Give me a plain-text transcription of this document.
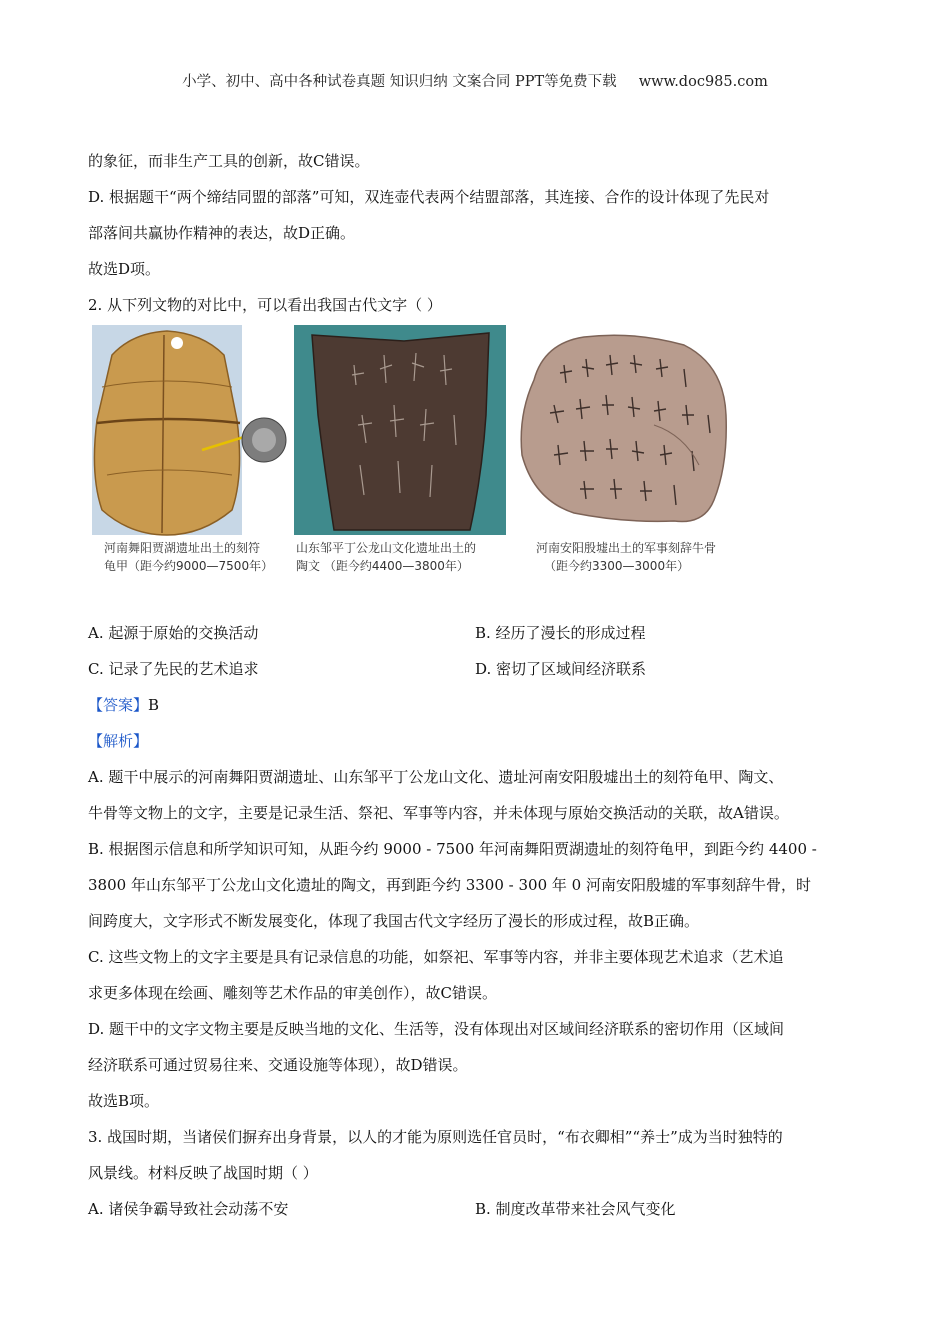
小学、初中、高中各种试卷真题 知识归纳 文案合同 PPT等免费下载 www.doc985.com
的象征，而非生产工具的创新，故C错误。
D. 根据题干“两个缔结同盟的部落”可知，双连壶代表两个结盟部落，其连接、合作的设计体现了先民对
部落间共赢协作精神的表达，故D正确。
故选D项。
2. 从下列文物的对比中，可以看出我国古代文字（ ）
河南舞阳贾湖遗址出土的刻符
龟甲（距今约9000—7500年）
山东邹平丁公龙山文化遗址出土的
陶文 （距今约4400—3800年）
河南安阳殷墟出土的军事刻辞牛骨
（距今约3300—3000年）
A. 起源于原始的交换活动	B. 经历了漫长的形成过程
C. 记录了先民的艺术追求	D. 密切了区域间经济联系
【答案】B
【解析】
A. 题干中展示的河南舞阳贾湖遗址、山东邹平丁公龙山文化、遗址河南安阳殷墟出土的刻符龟甲、陶文、
牛骨等文物上的文字，主要是记录生活、祭祀、军事等内容，并未体现与原始交换活动的关联，故A错误。
B. 根据图示信息和所学知识可知，从距今约 9000 - 7500 年河南舞阳贾湖遗址的刻符龟甲，到距今约 4400 -
3800 年山东邹平丁公龙山文化遗址的陶文，再到距今约 3300 - 300 年 0 河南安阳殷墟的军事刻辞牛骨，时
间跨度大，文字形式不断发展变化，体现了我国古代文字经历了漫长的形成过程，故B正确。
C. 这些文物上的文字主要是具有记录信息的功能，如祭祀、军事等内容，并非主要体现艺术追求（艺术追
求更多体现在绘画、雕刻等艺术作品的审美创作），故C错误。
D. 题干中的文字文物主要是反映当地的文化、生活等，没有体现出对区域间经济联系的密切作用（区域间
经济联系可通过贸易往来、交通设施等体现），故D错误。
故选B项。
3. 战国时期，当诸侯们摒弃出身背景，以人的才能为原则选任官员时，“布衣卿相”“养士”成为当时独特的
风景线。材料反映了战国时期（ ）
A. 诸侯争霸导致社会动荡不安	B. 制度改革带来社会风气变化
